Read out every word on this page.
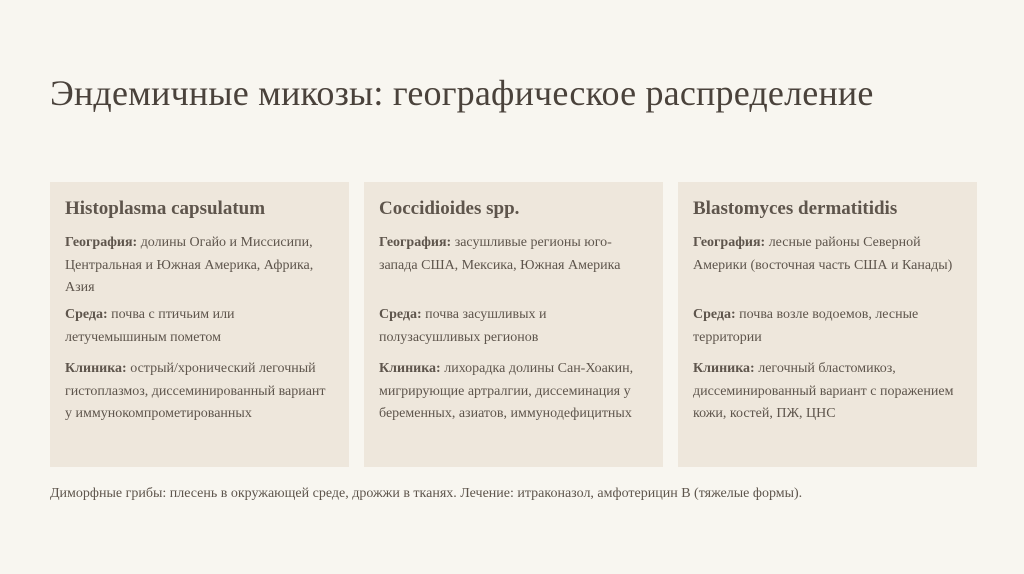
Эндемичные микозы: географическое распределение
Histoplasma capsulatum

География: долины Огайо и Миссисипи, Центральная и Южная Америка, Африка, Азия

Среда: почва с птичьим или летучемышиным пометом

Клиника: острый/хронический легочный гистоплазмоз, диссеминированный вариант у иммунокомпрометированных

Coccidioides spp.

География: засушливые регионы юго-запада США, Мексика, Южная Америка

Среда: почва засушливых и полузасушливых регионов

Клиника: лихорадка долины Сан-Хоакин, мигрирующие артралгии, диссеминация у беременных, азиатов, иммунодефицитных

Blastomyces dermatitidis

География: лесные районы Северной Америки (восточная часть США и Канады)

Среда: почва возле водоемов, лесные территории

Клиника: легочный бластомикоз, диссеминированный вариант с поражением кожи, костей, ПЖ, ЦНС

Диморфные грибы: плесень в окружающей среде, дрожжи в тканях. Лечение: итраконазол, амфотерицин B (тяжелые формы).
